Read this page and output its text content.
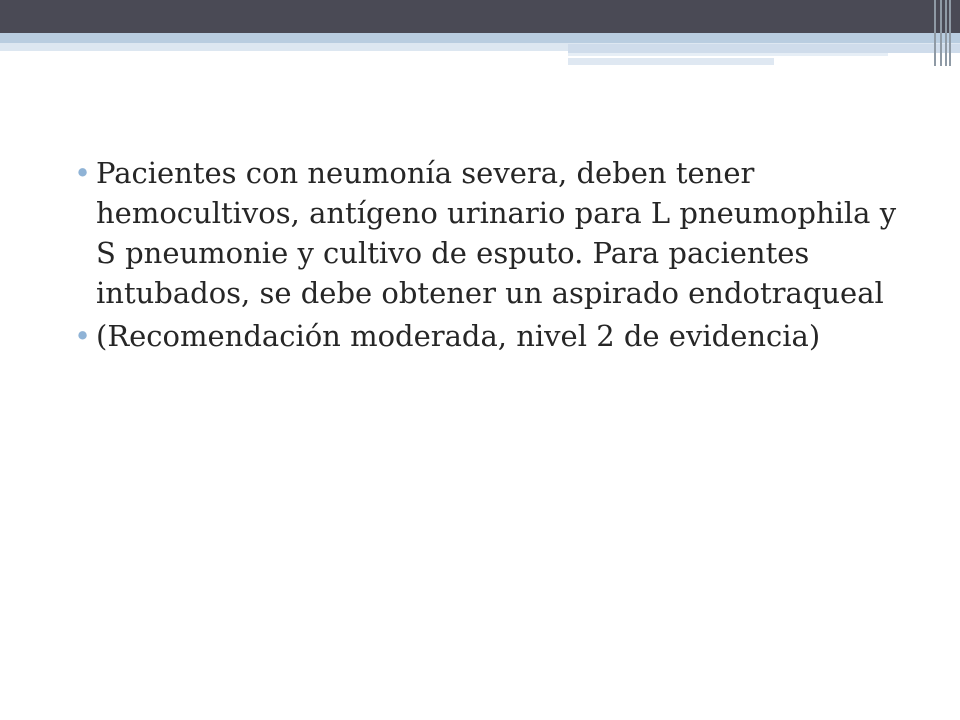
• Pacientes con neumonía severa, deben tener hemocultivos, antígeno urinario para L pneumophila y S pneumonie y cultivo de esputo. Para pacientes intubados, se debe obtener un aspirado endotraqueal
• (Recomendación moderada, nivel 2 de evidencia)
